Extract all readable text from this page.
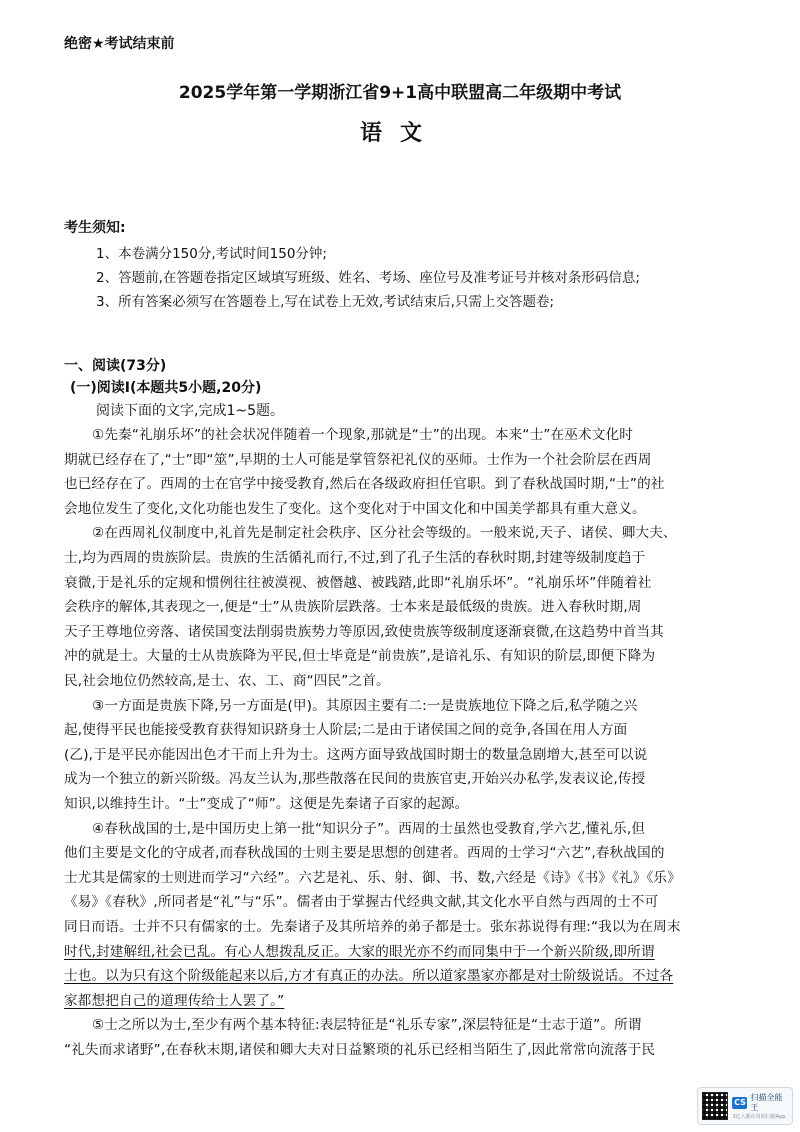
绝密★考试结束前
2025学年第一学期浙江省9+1高中联盟高二年级期中考试
语文
考生须知:
1、本卷满分150分,考试时间150分钟;
2、答题前,在答题卷指定区域填写班级、姓名、考场、座位号及准考证号并核对条形码信息;
3、所有答案必须写在答题卷上,写在试卷上无效,考试结束后,只需上交答题卷;
一、阅读(73分)
(一)阅读Ⅰ(本题共5小题,20分)
阅读下面的文字,完成1~5题。
①先秦“礼崩乐坏”的社会状况伴随着一个现象,那就是“士”的出现。本来“士”在巫术文化时
期就已经存在了,“士”即“筮”,早期的士人可能是掌管祭祀礼仪的巫师。士作为一个社会阶层在西周
也已经存在了。西周的士在官学中接受教育,然后在各级政府担任官职。到了春秋战国时期,“士”的社
会地位发生了变化,文化功能也发生了变化。这个变化对于中国文化和中国美学都具有重大意义。
②在西周礼仪制度中,礼首先是制定社会秩序、区分社会等级的。一般来说,天子、诸侯、卿大夫、
士,均为西周的贵族阶层。贵族的生活循礼而行,不过,到了孔子生活的春秋时期,封建等级制度趋于
衰微,于是礼乐的定规和惯例往往被漠视、被僭越、被践踏,此即“礼崩乐坏”。“礼崩乐坏”伴随着社
会秩序的解体,其表现之一,便是“士”从贵族阶层跌落。士本来是最低级的贵族。进入春秋时期,周
天子王尊地位旁落、诸侯国变法削弱贵族势力等原因,致使贵族等级制度逐渐衰微,在这趋势中首当其
冲的就是士。大量的士从贵族降为平民,但士毕竟是“前贵族”,是谙礼乐、有知识的阶层,即便下降为
民,社会地位仍然较高,是士、农、工、商“四民”之首。
③一方面是贵族下降,另一方面是(甲)。其原因主要有二:一是贵族地位下降之后,私学随之兴
起,使得平民也能接受教育获得知识跻身士人阶层;二是由于诸侯国之间的竞争,各国在用人方面
(乙),于是平民亦能因出色才干而上升为士。这两方面导致战国时期士的数量急剧增大,甚至可以说
成为一个独立的新兴阶级。冯友兰认为,那些散落在民间的贵族官吏,开始兴办私学,发表议论,传授
知识,以维持生计。“士”变成了“师”。这便是先秦诸子百家的起源。
④春秋战国的士,是中国历史上第一批“知识分子”。西周的士虽然也受教育,学六艺,懂礼乐,但
他们主要是文化的守成者,而春秋战国的士则主要是思想的创建者。西周的士学习“六艺”,春秋战国的
士尤其是儒家的士则进而学习“六经”。六艺是礼、乐、射、御、书、数,六经是《诗》《书》《礼》《乐》
《易》《春秋》,所同者是“礼”与“乐”。儒者由于掌握古代经典文献,其文化水平自然与西周的士不可
同日而语。士并不只有儒家的士。先秦诸子及其所培养的弟子都是士。张东荪说得有理:“我以为在周末
时代,封建解纽,社会已乱。有心人想拨乱反正。大家的眼光亦不约而同集中于一个新兴阶级,即所谓
士也。以为只有这个阶级能起来以后,方才有真正的办法。所以道家墨家亦都是对士阶级说话。不过各
家都想把自己的道理传给士人罢了。”
⑤士之所以为士,至少有两个基本特征:表层特征是“礼乐专家”,深层特征是“士志于道”。所谓
“礼失而求诸野”,在春秋末期,诸侯和卿大夫对日益繁琐的礼乐已经相当陌生了,因此常常向流落于民
CS
扫描全能王
3亿人都在用的扫描App
